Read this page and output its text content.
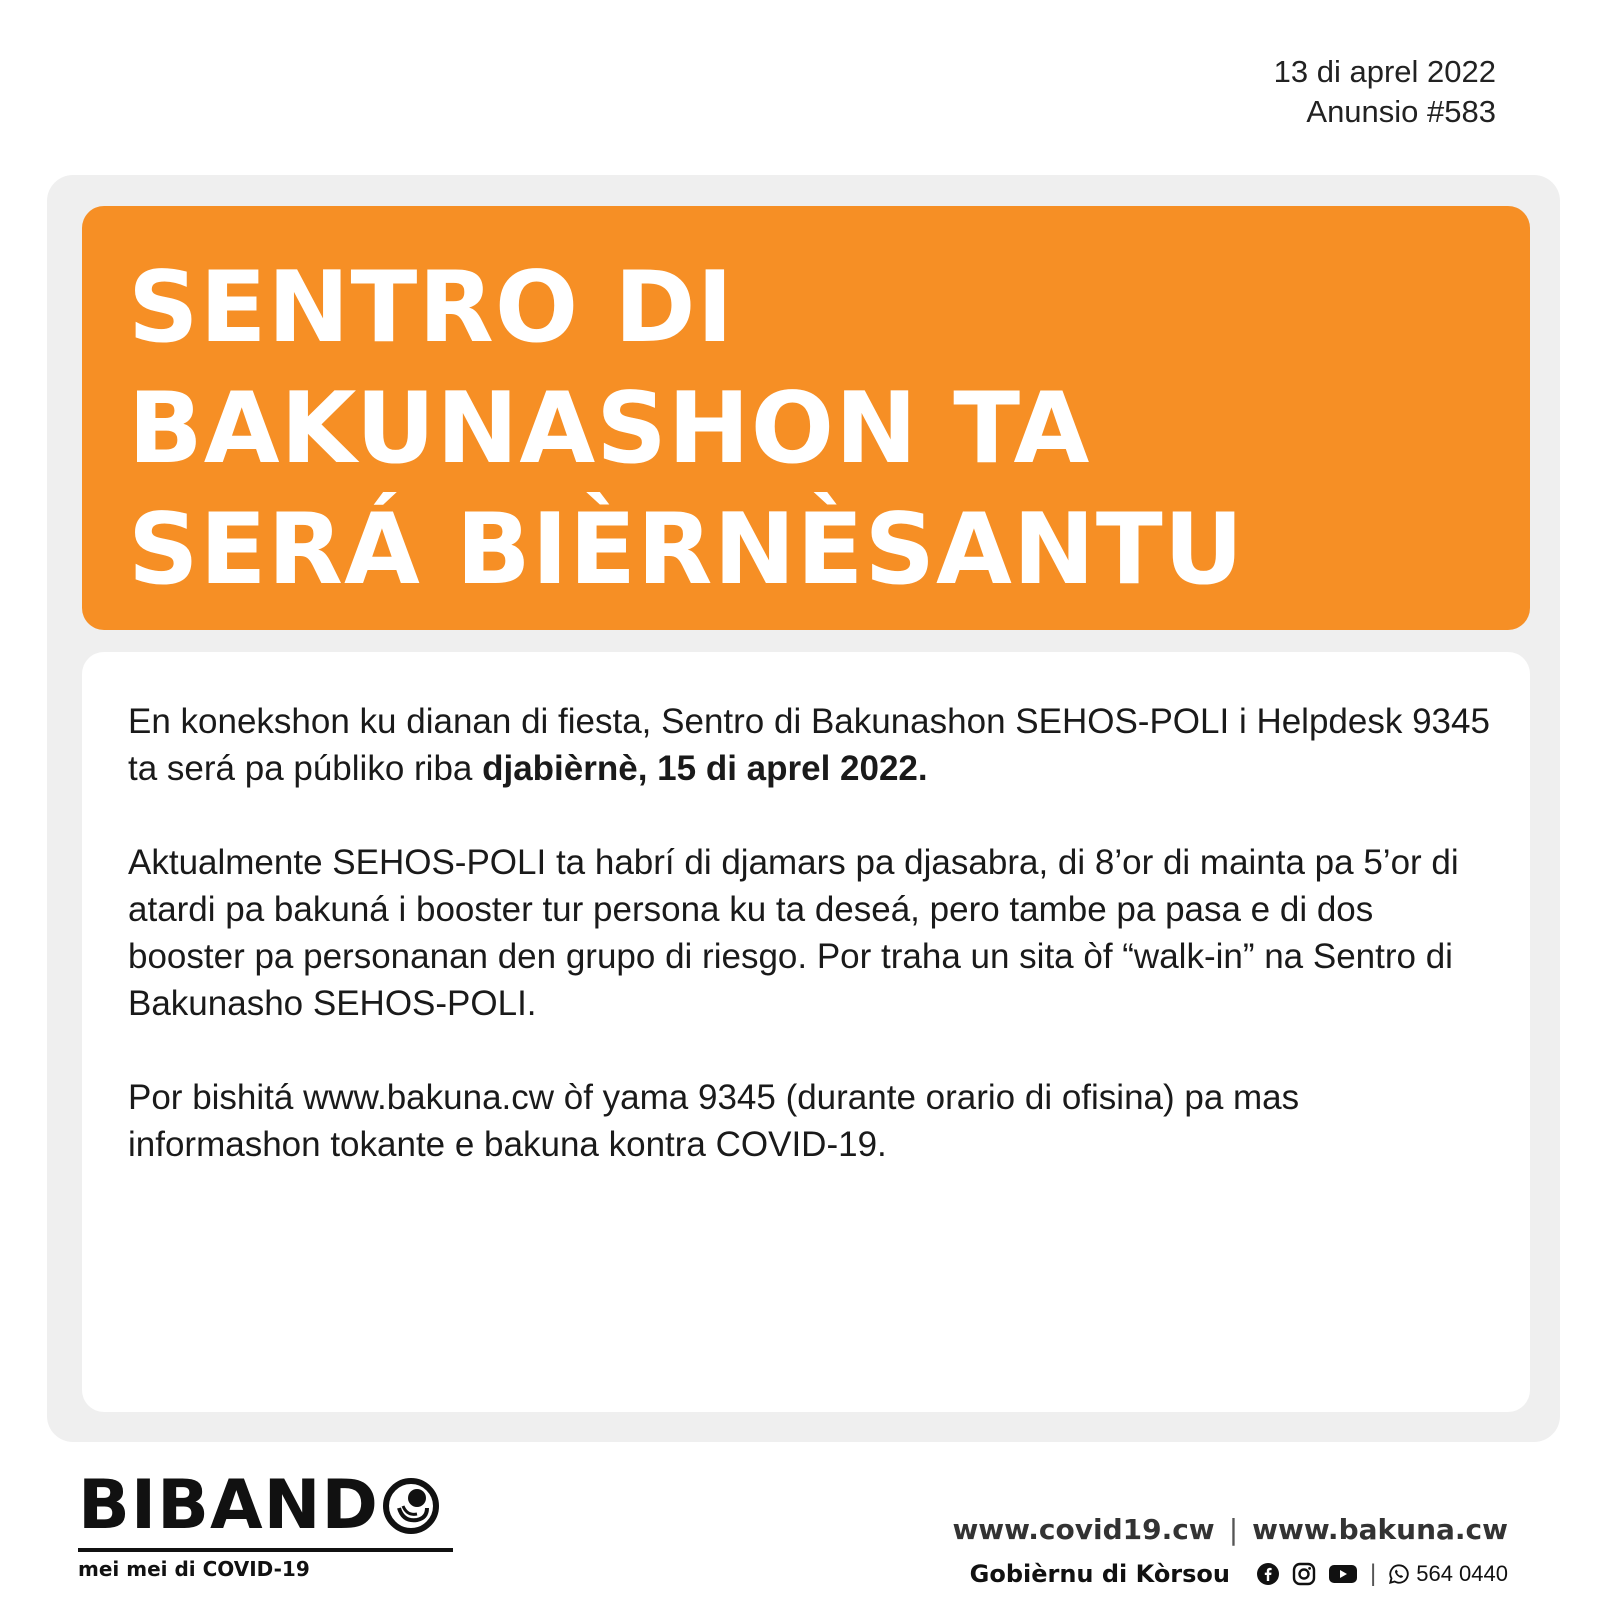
13 di aprel 2022
Anunsio #583
SENTRO DI
BAKUNASHON TA
SERÁ BIÈRNÈSANTU

En konekshon ku dianan di fiesta, Sentro di Bakunashon SEHOS-POLI i Helpdesk 9345 ta será pa públiko riba djabièrnè, 15 di aprel 2022.

Aktualmente SEHOS-POLI ta habrí di djamars pa djasabra, di 8’or di mainta pa 5’or di atardi pa bakuná i booster tur persona ku ta deseá, pero tambe pa pasa e di dos booster pa personanan den grupo di riesgo. Por traha un sita òf “walk-in” na Sentro di Bakunasho SEHOS-POLI.

Por bishitá www.bakuna.cw òf yama 9345 (durante orario di ofisina) pa mas informashon tokante e bakuna kontra COVID-19.

BIBAND
mei mei di COVID-19
www.covid19.cw | www.bakuna.cw
Gobièrnu di Kòrsou	| 564 0440
